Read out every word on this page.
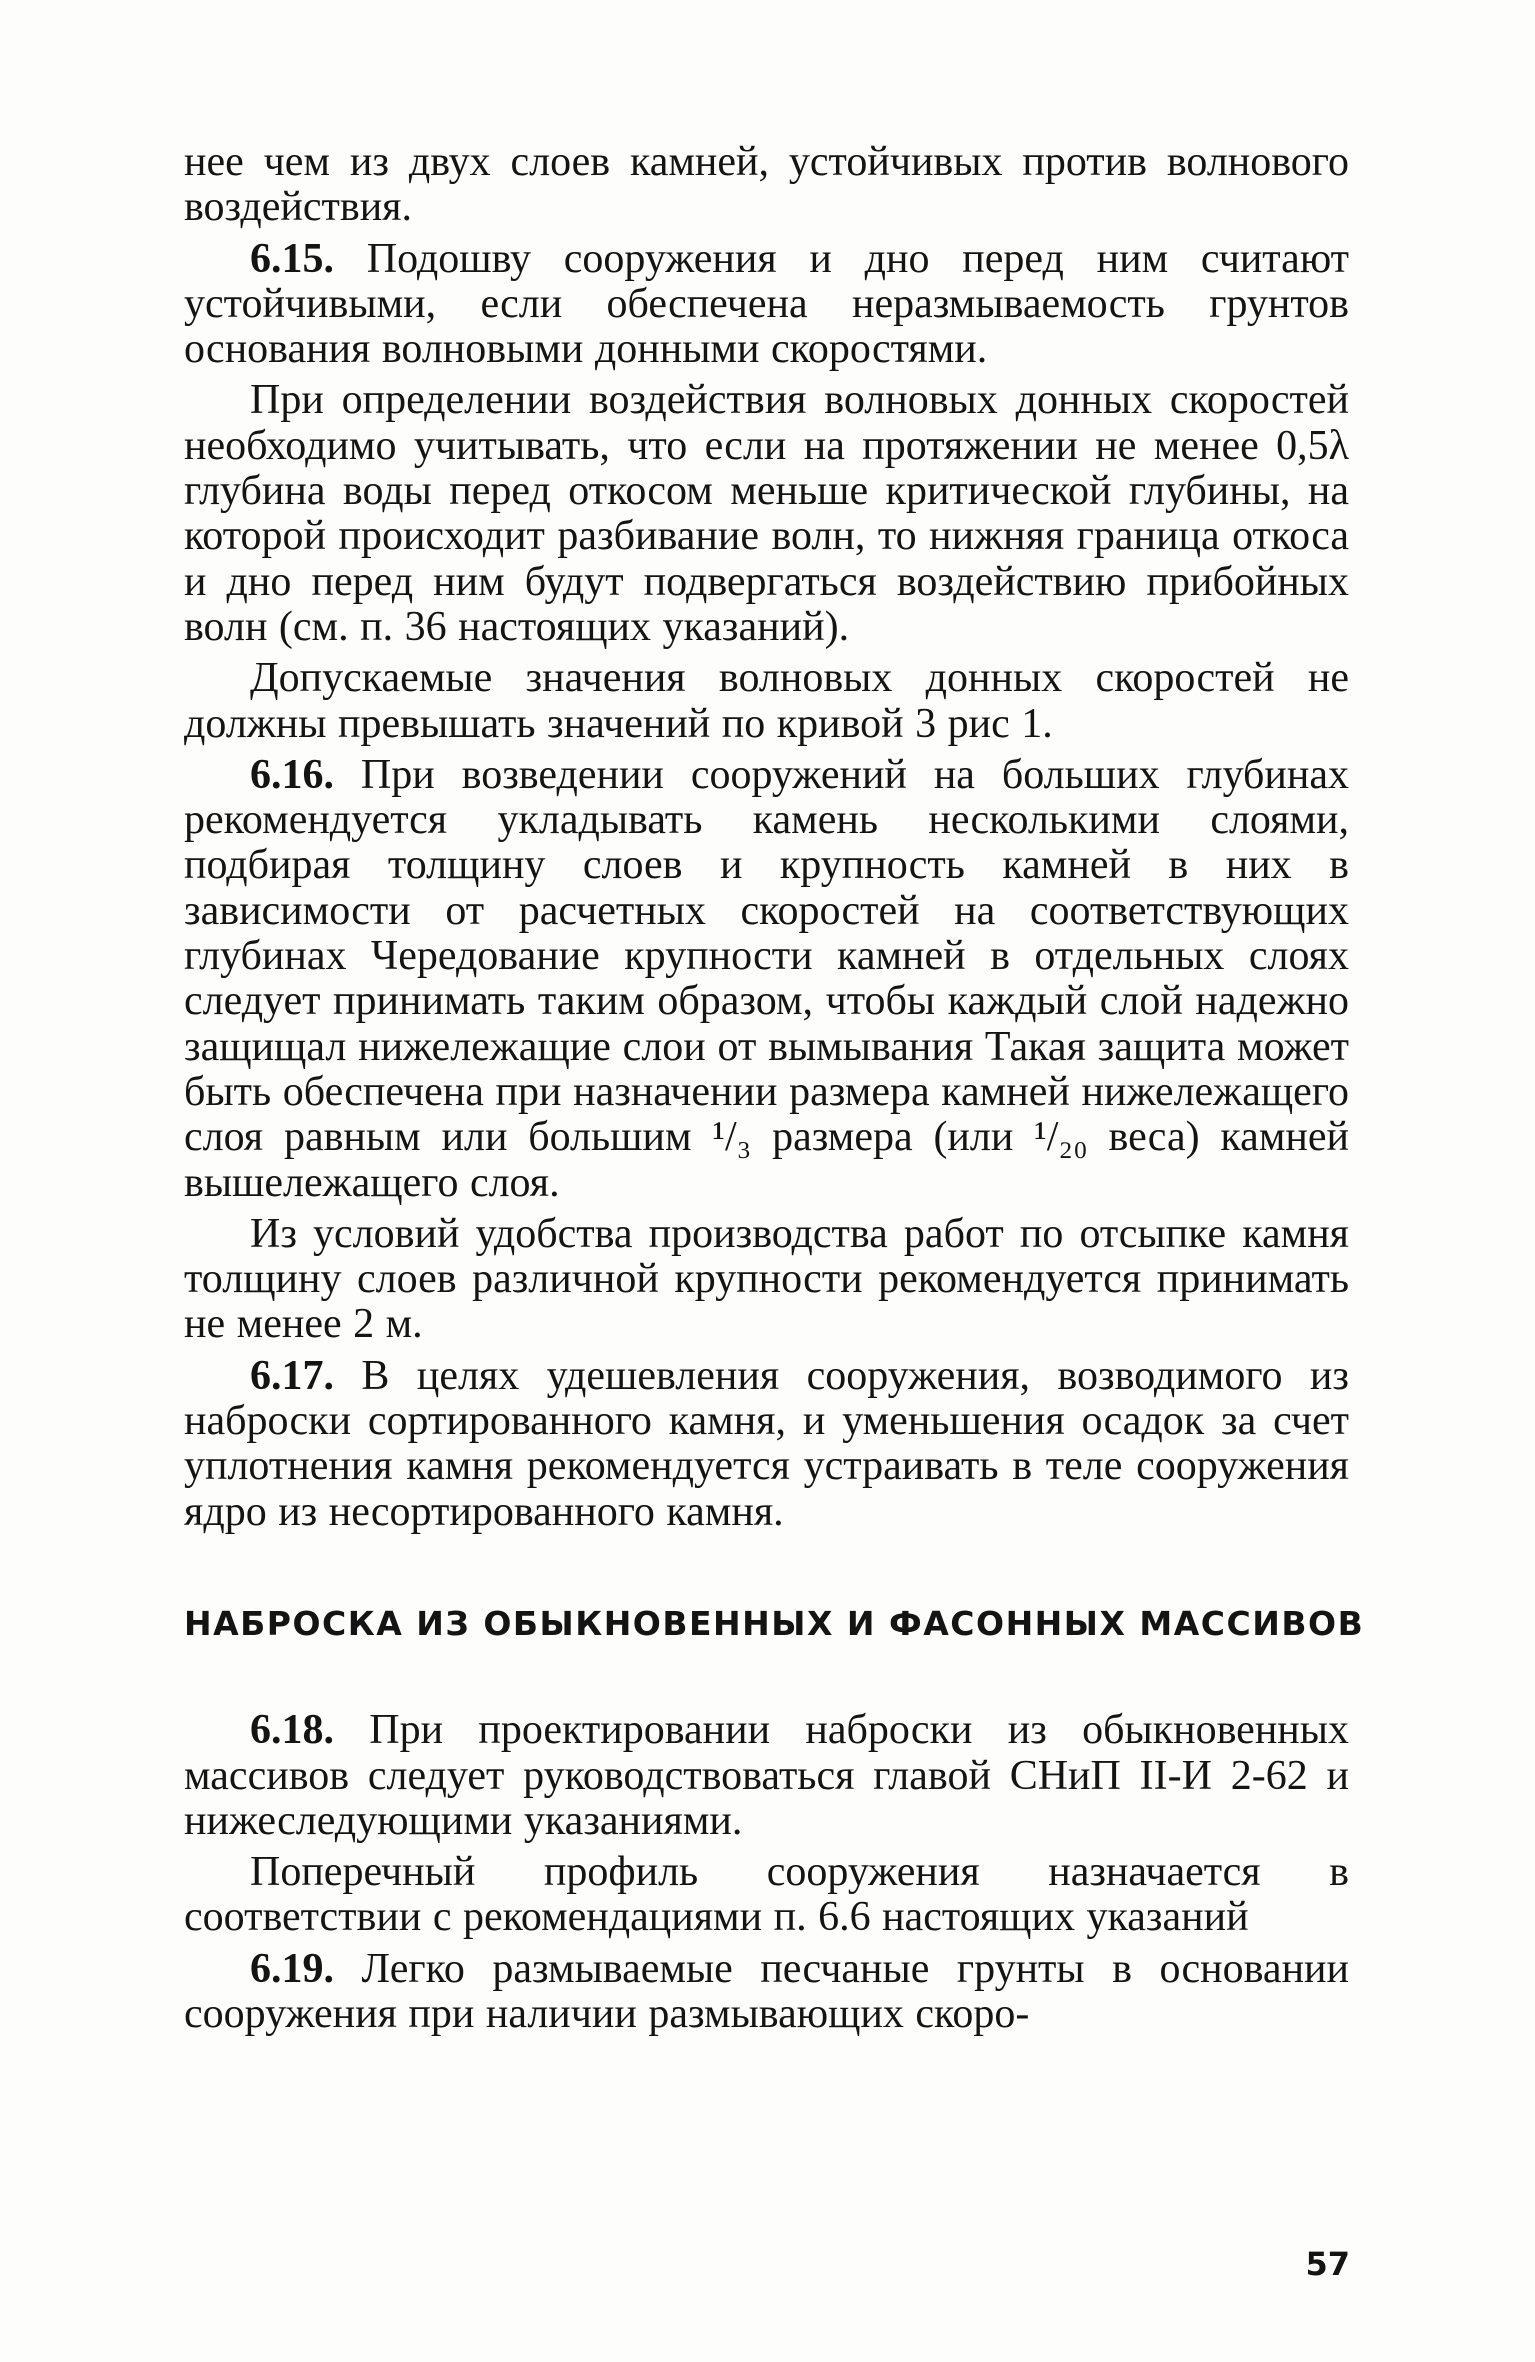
нее чем из двух слоев камней, устойчивых против волнового воздействия.

6.15. Подошву сооружения и дно перед ним считают устойчивыми, если обеспечена неразмываемость грунтов основания волновыми донными скоростями.

При определении воздействия волновых донных скоростей необходимо учитывать, что если на протяжении не менее 0,5λ глубина воды перед откосом меньше критической глубины, на которой происходит разбивание волн, то нижняя граница откоса и дно перед ним будут подвергаться воздействию прибойных волн (см. п. 36 настоящих указаний).

Допускаемые значения волновых донных скоростей не должны превышать значений по кривой 3 рис 1.

6.16. При возведении сооружений на больших глубинах рекомендуется укладывать камень несколькими слоями, подбирая толщину слоев и крупность камней в них в зависимости от расчетных скоростей на соответствующих глубинах Чередование крупности камней в отдельных слоях следует принимать таким образом, чтобы каждый слой надежно защищал нижележащие слои от вымывания Такая защита может быть обеспечена при назначении размера камней нижележащего слоя равным или большим ¹/₃ размера (или ¹/₂₀ веса) камней вышележащего слоя.

Из условий удобства производства работ по отсыпке камня толщину слоев различной крупности рекомендуется принимать не менее 2 м.

6.17. В целях удешевления сооружения, возводимого из наброски сортированного камня, и уменьшения осадок за счет уплотнения камня рекомендуется устраивать в теле сооружения ядро из несортированного камня.

НАБРОСКА ИЗ ОБЫКНОВЕННЫХ И ФАСОННЫХ МАССИВОВ

6.18. При проектировании наброски из обыкновенных массивов следует руководствоваться главой СНиП II-И 2-62 и нижеследующими указаниями.

Поперечный профиль сооружения назначается в соответствии с рекомендациями п. 6.6 настоящих указаний

6.19. Легко размываемые песчаные грунты в основании сооружения при наличии размывающих скоро-

57
